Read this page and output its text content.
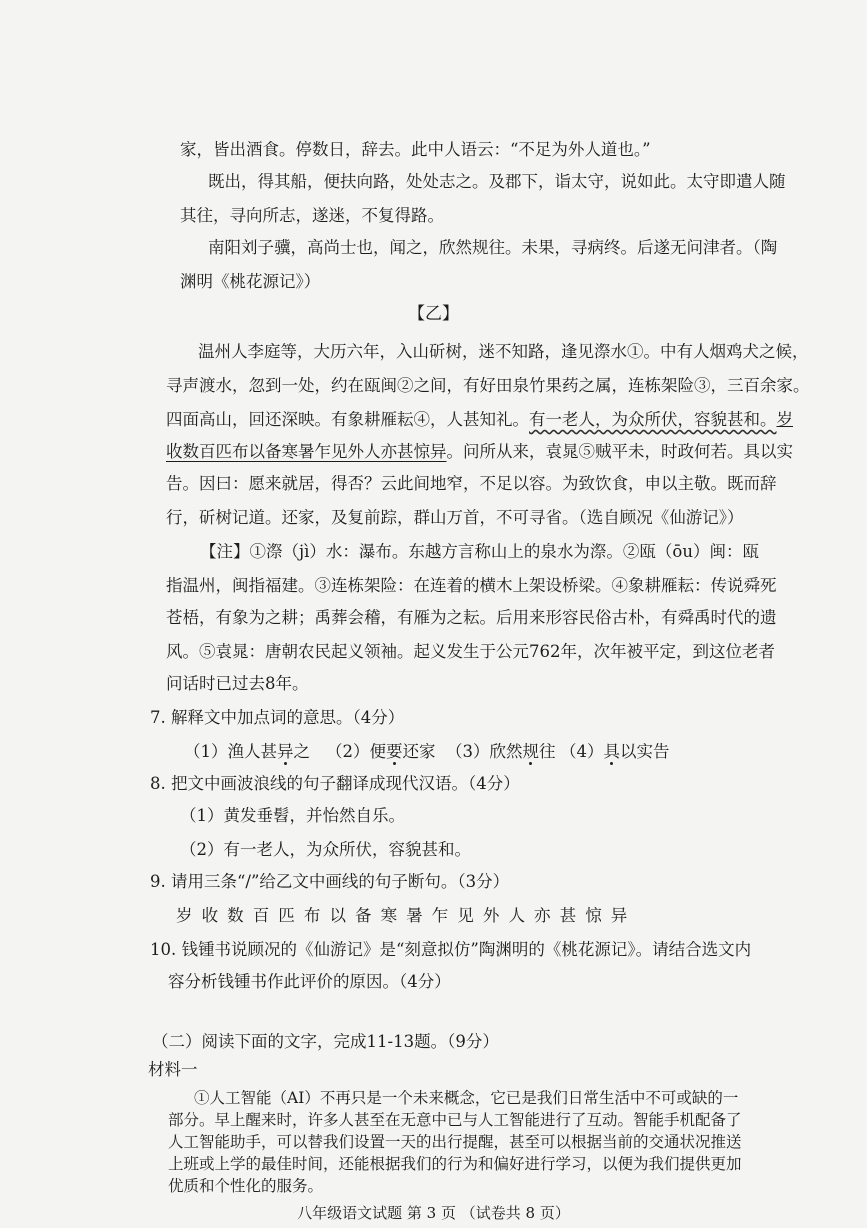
家，皆出酒食。停数日，辞去。此中人语云：“不足为外人道也。”

既出，得其船，便扶向路，处处志之。及郡下，诣太守，说如此。太守即遣人随

其往，寻向所志，遂迷，不复得路。

南阳刘子骥，高尚士也，闻之，欣然规往。未果，寻病终。后遂无问津者。（陶

渊明《桃花源记》）

【乙】

温州人李庭等，大历六年，入山斫树，迷不知路，逢见漈水①。中有人烟鸡犬之候，

寻声渡水，忽到一处，约在瓯闽②之间，有好田泉竹果药之属，连栋架险③，三百余家。

四面高山，回还深映。有象耕雁耘④，人甚知礼。有一老人，为众所伏，容貌甚和。岁

收数百匹布以备寒暑乍见外人亦甚惊异。问所从来，袁晁⑤贼平未，时政何若。具以实

告。因曰：愿来就居，得否？云此间地窄，不足以容。为致饮食，申以主敬。既而辞

行，斫树记道。还家，及复前踪，群山万首，不可寻省。（选自顾况《仙游记》）

【注】①漈（jì）水：瀑布。东越方言称山上的泉水为漈。②瓯（ōu）闽：瓯

指温州，闽指福建。③连栋架险：在连着的横木上架设桥梁。④象耕雁耘：传说舜死

苍梧，有象为之耕；禹葬会稽，有雁为之耘。后用来形容民俗古朴，有舜禹时代的遗

风。⑤袁晁：唐朝农民起义领袖。起义发生于公元762年，次年被平定，到这位老者

问话时已过去8年。

7. 解释文中加点词的意思。（4分）

（1）渔人甚异之 （2）便要还家 （3）欣然规往 （4）具以实告

8. 把文中画波浪线的句子翻译成现代汉语。（4分）

（1）黄发垂髫，并怡然自乐。

（2）有一老人，为众所伏，容貌甚和。

9. 请用三条“/”给乙文中画线的句子断句。（3分）

岁收数百匹布以备寒暑乍见外人亦甚惊异

10. 钱锺书说顾况的《仙游记》是“刻意拟仿”陶渊明的《桃花源记》。请结合选文内

容分析钱锺书作此评价的原因。（4分）

（二）阅读下面的文字，完成11-13题。（9分）

材料一

八年级语文试题 第 3 页 （试卷共 8 页）

①人工智能（AI）不再只是一个未来概念，它已是我们日常生活中不可或缺的一

部分。早上醒来时，许多人甚至在无意中已与人工智能进行了互动。智能手机配备了

人工智能助手，可以替我们设置一天的出行提醒，甚至可以根据当前的交通状况推送

上班或上学的最佳时间，还能根据我们的行为和偏好进行学习，以便为我们提供更加

优质和个性化的服务。
